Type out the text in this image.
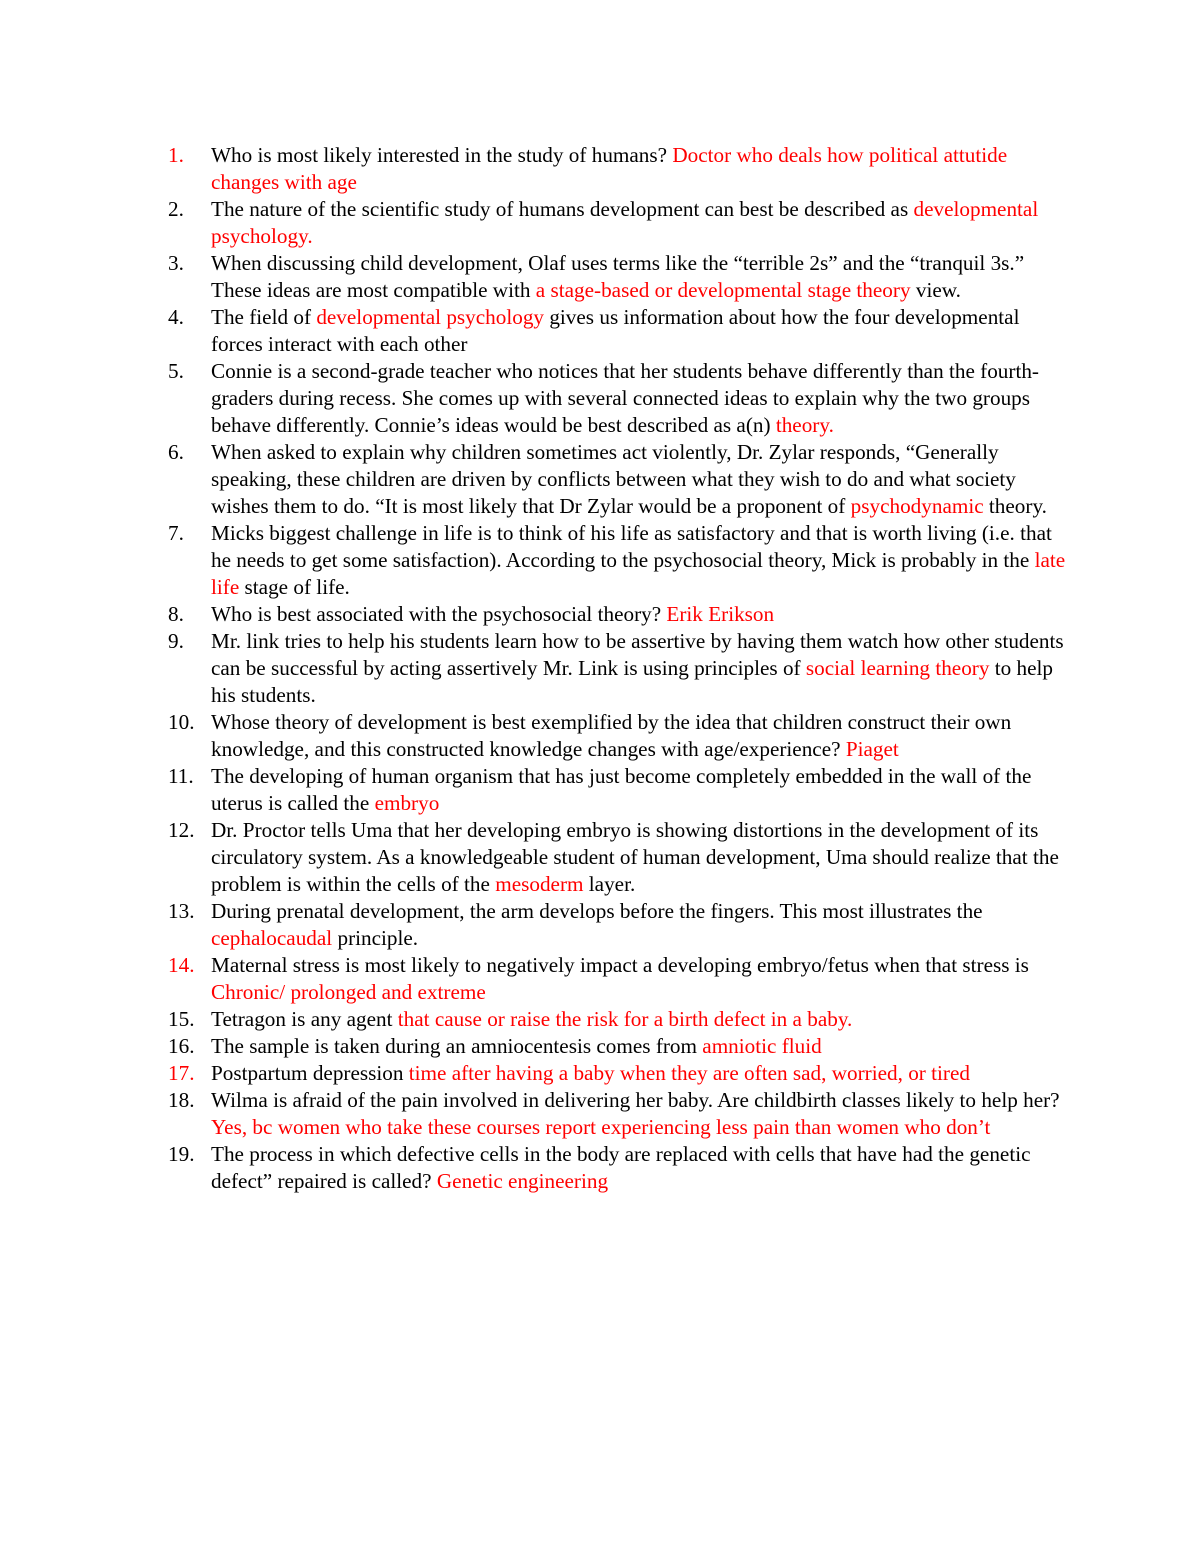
1.	Who is most likely interested in the study of humans? Doctor who deals how political attutide changes with age
2.	The nature of the scientific study of humans development can best be described as developmental psychology.
3.	When discussing child development, Olaf uses terms like the “terrible 2s” and the “tranquil 3s.” These ideas are most compatible with a stage-based or developmental stage theory view.
4.	The field of developmental psychology gives us information about how the four developmental forces interact with each other
5.	Connie is a second-grade teacher who notices that her students behave differently than the fourth- graders during recess. She comes up with several connected ideas to explain why the two groups behave differently. Connie’s ideas would be best described as a(n) theory.
6.	When asked to explain why children sometimes act violently, Dr. Zylar responds, “Generally speaking, these children are driven by conflicts between what they wish to do and what society wishes them to do. “It is most likely that Dr Zylar would be a proponent of psychodynamic theory.
7.	Micks biggest challenge in life is to think of his life as satisfactory and that is worth living (i.e. that he needs to get some satisfaction). According to the psychosocial theory, Mick is probably in the late life stage of life.
8.	Who is best associated with the psychosocial theory? Erik Erikson
9.	Mr. link tries to help his students learn how to be assertive by having them watch how other students can be successful by acting assertively Mr. Link is using principles of social learning theory to help his students.
10. Whose theory of development is best exemplified by the idea that children construct their own knowledge, and this constructed knowledge changes with age/experience? Piaget
11. The developing of human organism that has just become completely embedded in the wall of the uterus is called the embryo
12. Dr. Proctor tells Uma that her developing embryo is showing distortions in the development of its circulatory system. As a knowledgeable student of human development, Uma should realize that the problem is within the cells of the mesoderm layer.
13. During prenatal development, the arm develops before the fingers. This most illustrates the cephalocaudal principle.
14. Maternal stress is most likely to negatively impact a developing embryo/fetus when that stress is Chronic/ prolonged and extreme
15. Tetragon is any agent that cause or raise the risk for a birth defect in a baby.
16. The sample is taken during an amniocentesis comes from amniotic fluid
17. Postpartum depression time after having a baby when they are often sad, worried, or tired
18. Wilma is afraid of the pain involved in delivering her baby. Are childbirth classes likely to help her? Yes, bc women who take these courses report experiencing less pain than women who don’t
19. The process in which defective cells in the body are replaced with cells that have had the genetic defect” repaired is called? Genetic engineering
